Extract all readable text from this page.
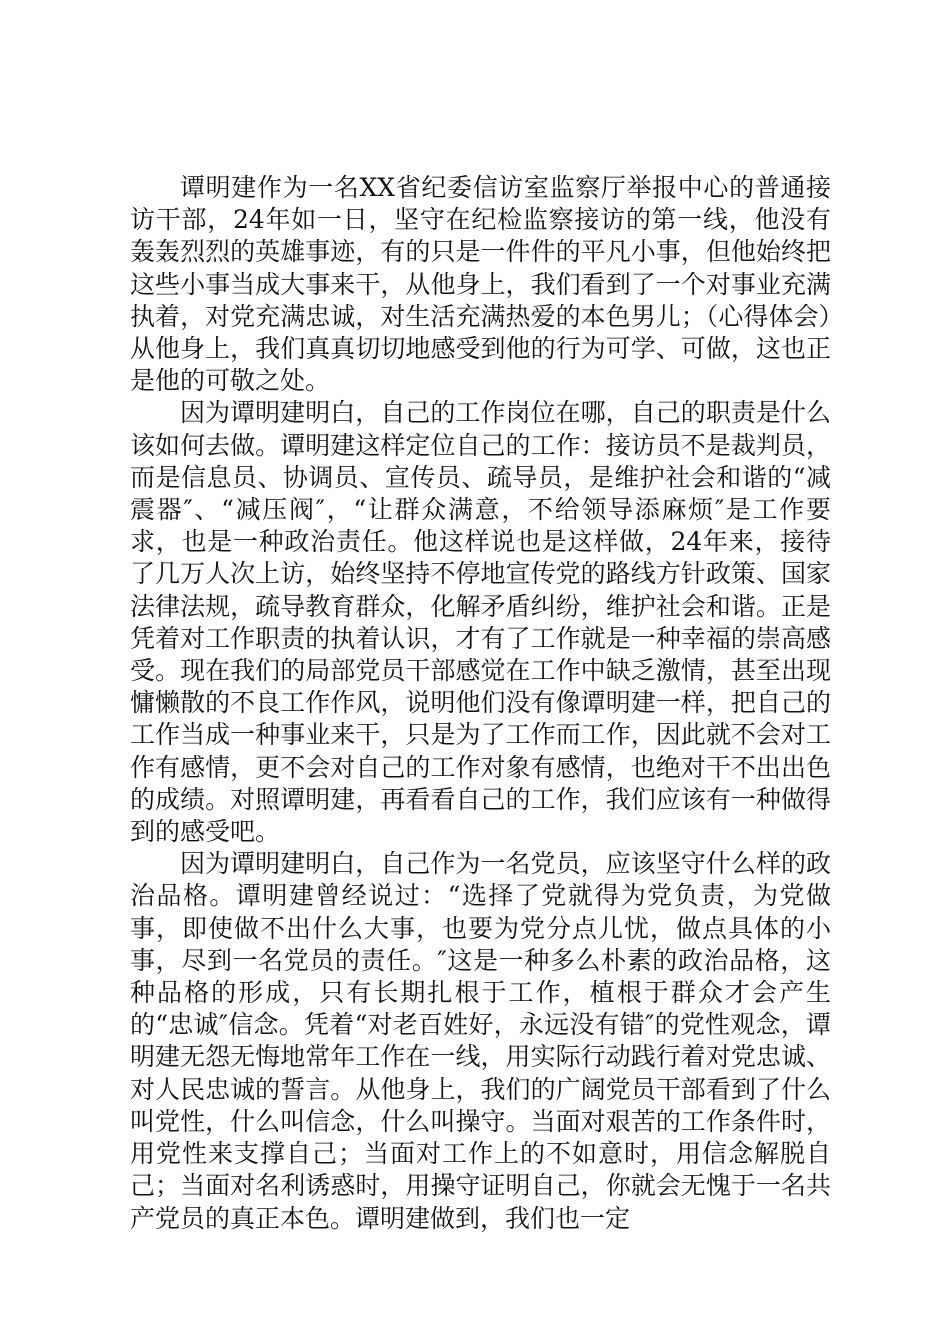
谭明建作为一名XX省纪委信访室监察厅举报中心的普通接访干部，24年如一日，坚守在纪检监察接访的第一线，他没有轰轰烈烈的英雄事迹，有的只是一件件的平凡小事，但他始终把这些小事当成大事来干，从他身上，我们看到了一个对事业充满执着，对党充满忠诚，对生活充满热爱的本色男儿；（心得体会）从他身上，我们真真切切地感受到他的行为可学、可做，这也正是他的可敬之处。

因为谭明建明白，自己的工作岗位在哪，自己的职责是什么该如何去做。谭明建这样定位自己的工作：接访员不是裁判员，而是信息员、协调员、宣传员、疏导员，是维护社会和谐的“减震器″、“减压阀″，“让群众满意，不给领导添麻烦″是工作要求，也是一种政治责任。他这样说也是这样做，24年来，接待了几万人次上访，始终坚持不停地宣传党的路线方针政策、国家法律法规，疏导教育群众，化解矛盾纠纷，维护社会和谐。正是凭着对工作职责的执着认识，才有了工作就是一种幸福的崇高感受。现在我们的局部党员干部感觉在工作中缺乏激情，甚至出现慵懒散的不良工作作风，说明他们没有像谭明建一样，把自己的工作当成一种事业来干，只是为了工作而工作，因此就不会对工作有感情，更不会对自己的工作对象有感情，也绝对干不出出色的成绩。对照谭明建，再看看自己的工作，我们应该有一种做得到的感受吧。

因为谭明建明白，自己作为一名党员，应该坚守什么样的政治品格。谭明建曾经说过：“选择了党就得为党负责，为党做事，即使做不出什么大事，也要为党分点儿忧，做点具体的小事，尽到一名党员的责任。″这是一种多么朴素的政治品格，这种品格的形成，只有长期扎根于工作，植根于群众才会产生的“忠诚″信念。凭着“对老百姓好，永远没有错″的党性观念，谭明建无怨无悔地常年工作在一线，用实际行动践行着对党忠诚、对人民忠诚的誓言。从他身上，我们的广阔党员干部看到了什么叫党性，什么叫信念，什么叫操守。当面对艰苦的工作条件时，用党性来支撑自己；当面对工作上的不如意时，用信念解脱自己；当面对名利诱惑时，用操守证明自己，你就会无愧于一名共产党员的真正本色。谭明建做到，我们也一定
